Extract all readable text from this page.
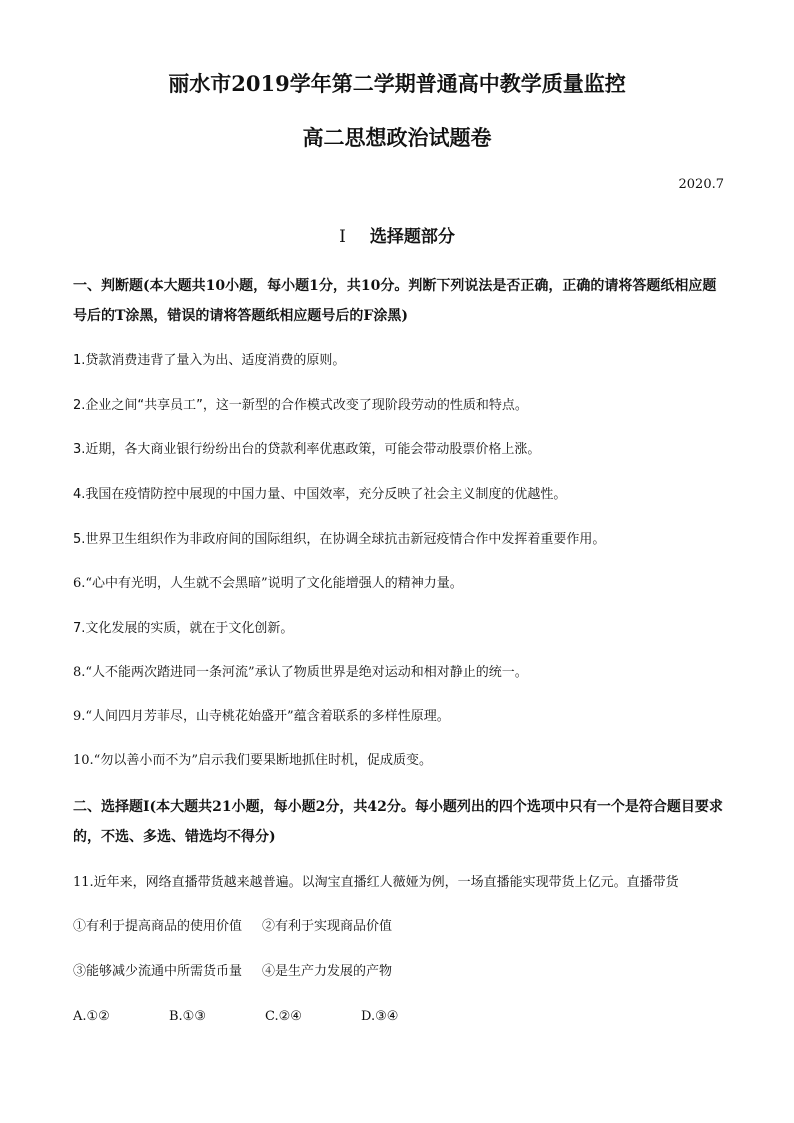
丽水市2019学年第二学期普通高中教学质量监控
高二思想政治试题卷
2020.7
Ⅰ 选择题部分
一、判断题(本大题共10小题，每小题1分，共10分。判断下列说法是否正确，正确的请将答题纸相应题号后的T涂黑，错误的请将答题纸相应题号后的F涂黑)
1.贷款消费违背了量入为出、适度消费的原则。
2.企业之间“共享员工”，这一新型的合作模式改变了现阶段劳动的性质和特点。
3.近期，各大商业银行纷纷出台的贷款利率优惠政策，可能会带动股票价格上涨。
4.我国在疫情防控中展现的中国力量、中国效率，充分反映了社会主义制度的优越性。
5.世界卫生组织作为非政府间的国际组织，在协调全球抗击新冠疫情合作中发挥着重要作用。
6.“心中有光明，人生就不会黑暗”说明了文化能增强人的精神力量。
7.文化发展的实质，就在于文化创新。
8.“人不能两次踏进同一条河流”承认了物质世界是绝对运动和相对静止的统一。
9.“人间四月芳菲尽，山寺桃花始盛开”蕴含着联系的多样性原理。
10.“勿以善小而不为”启示我们要果断地抓住时机，促成质变。
二、选择题Ⅰ(本大题共21小题，每小题2分，共42分。每小题列出的四个选项中只有一个是符合题目要求的，不选、多选、错选均不得分)
11.近年来，网络直播带货越来越普遍。以淘宝直播红人薇娅为例，一场直播能实现带货上亿元。直播带货
①有利于提高商品的使用价值 ②有利于实现商品价值
③能够减少流通中所需货币量 ④是生产力发展的产物
A.①②	B.①③	C.②④	D.③④
